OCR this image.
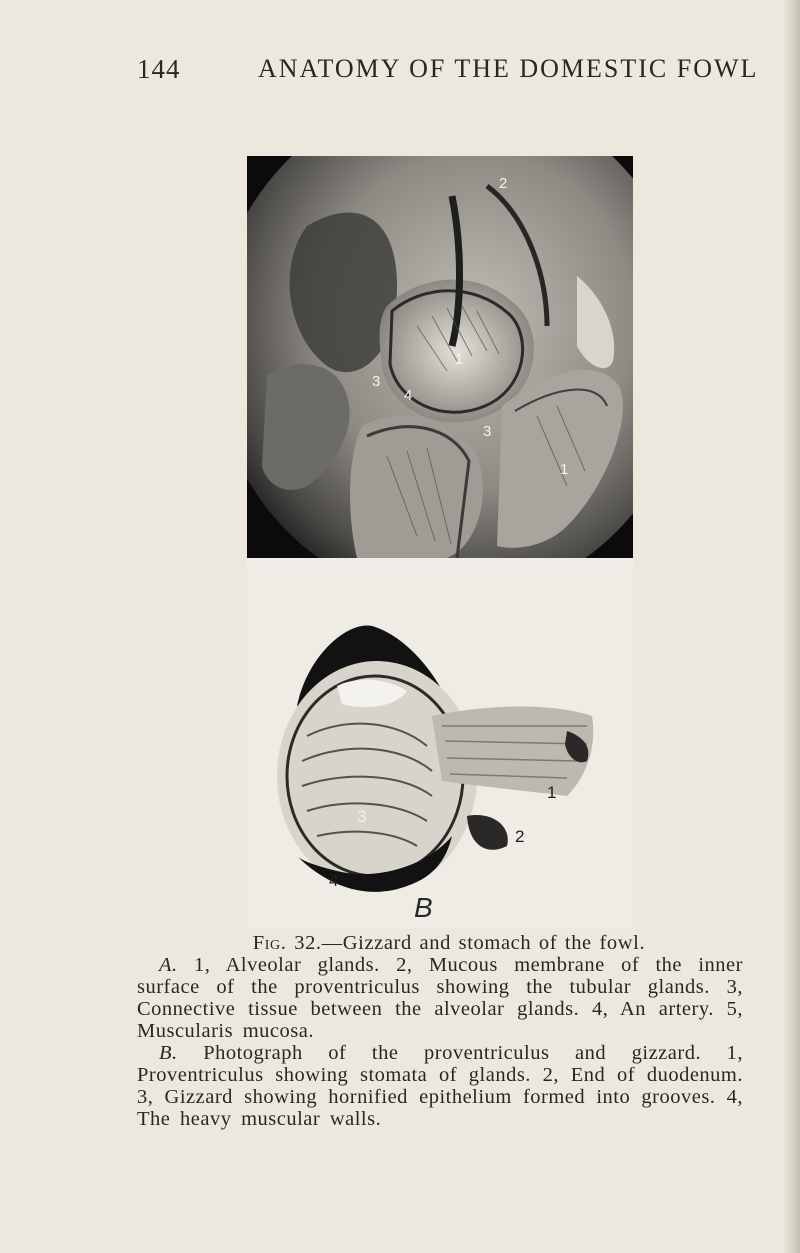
144	ANATOMY OF THE DOMESTIC FOWL
2
1
3
3
1
4
3
1
2
4
B

Fig. 32.—Gizzard and stomach of the fowl.

A. 1, Alveolar glands. 2, Mucous membrane of the inner surface of the proventriculus showing the tubular glands. 3, Connective tissue between the alveolar glands. 4, An artery. 5, Muscularis mucosa.

B. Photograph of the proventriculus and gizzard. 1, Proventriculus showing stomata of glands. 2, End of duodenum. 3, Gizzard showing hornified epithelium formed into grooves. 4, The heavy muscular walls.
